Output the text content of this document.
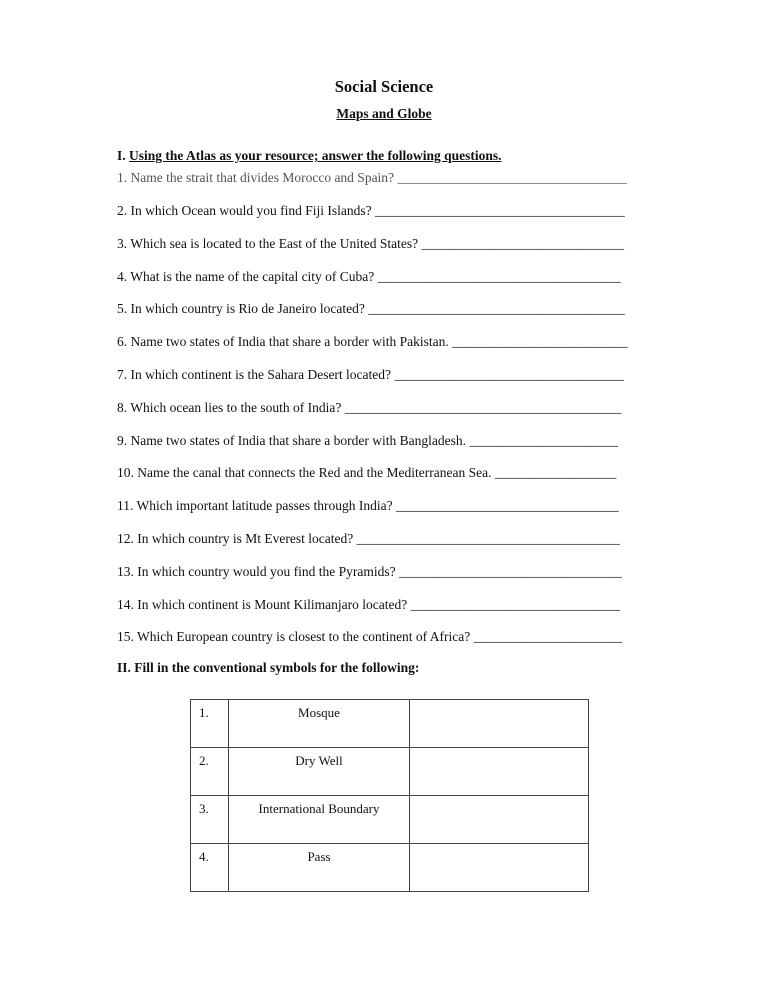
Social Science
Maps and Globe
I. Using the Atlas as your resource; answer the following questions.
1. Name the strait that divides Morocco and Spain? __________________________________
2. In which Ocean would you find Fiji Islands? _____________________________________
3. Which sea is located to the East of the United States? ______________________________
4. What is the name of the capital city of Cuba? ____________________________________
5. In which country is Rio de Janeiro located? ______________________________________
6. Name two states of India that share a border with Pakistan. __________________________
7. In which continent is the Sahara Desert located? __________________________________
8. Which ocean lies to the south of India? _________________________________________
9. Name two states of India that share a border with Bangladesh. ______________________
10. Name the canal that connects the Red and the Mediterranean Sea. __________________
11. Which important latitude passes through India? _________________________________
12. In which country is Mt Everest located? _______________________________________
13. In which country would you find the Pyramids? _________________________________
14. In which continent is Mount Kilimanjaro located? _______________________________
15. Which European country is closest to the continent of Africa? ______________________
II. Fill in the conventional symbols for the following:
1.	Mosque	
2.	Dry Well	
3.	International Boundary	
4.	Pass	
